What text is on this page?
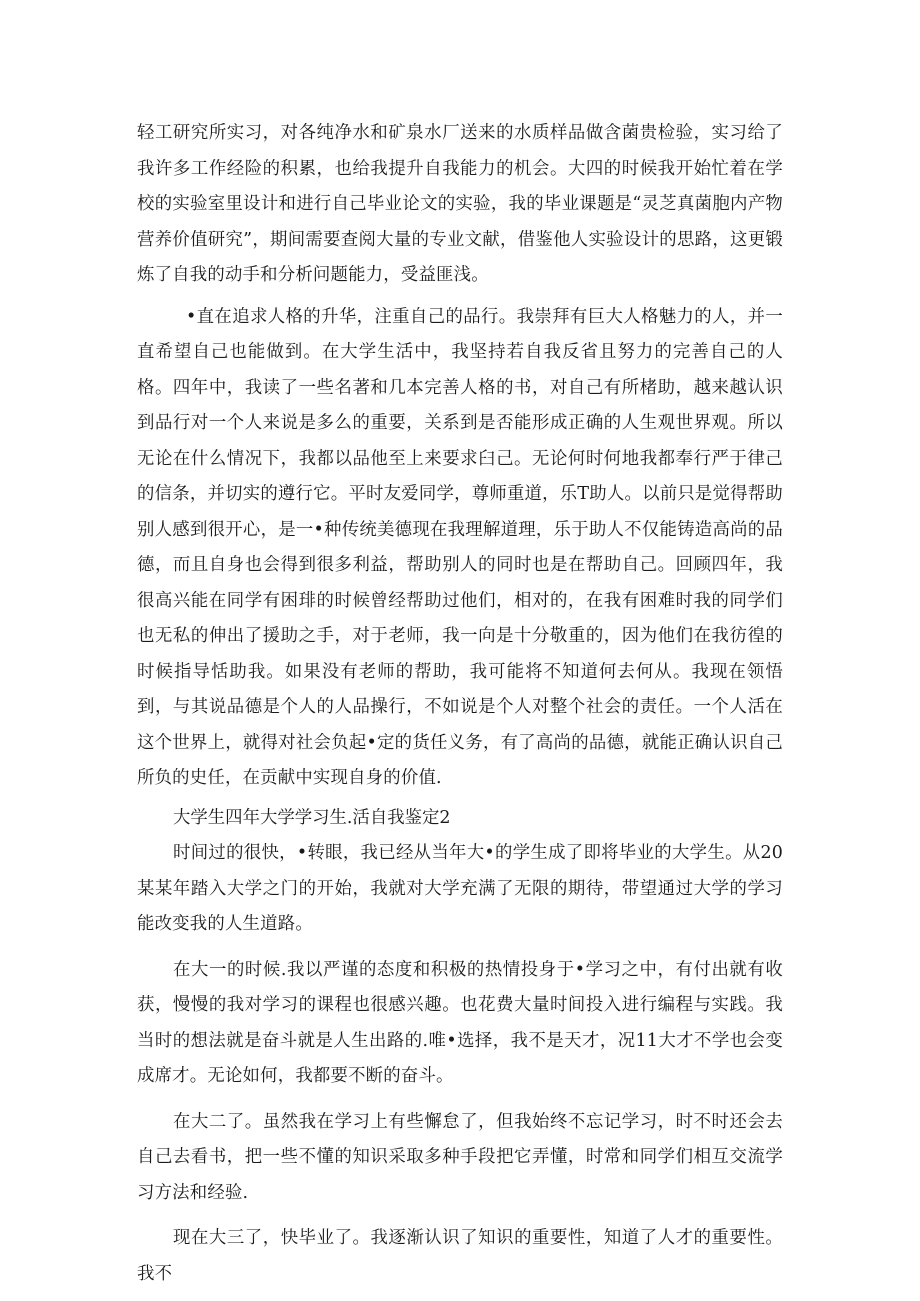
轻工研究所实习，对各纯净水和矿泉水厂送来的水质样品做含菌贵检验，实习给了我许多工作经险的积累，也给我提升自我能力的机会。大四的时候我开始忙着在学校的实验室里设计和进行自己毕业论文的实验，我的毕业课题是“灵芝真菌胞内产物营养价值研究”，期间需要查阅大量的专业文献，借鉴他人实验设计的思路，这更锻炼了自我的动手和分析问题能力，受益匪浅。

•直在追求人格的升华，注重自己的品行。我崇拜有巨大人格魅力的人，并一直希望自己也能做到。在大学生活中，我坚持若自我反省且努力的完善自己的人格。四年中，我读了一些名著和几本完善人格的书，对自己有所楮助，越来越认识到品行对一个人来说是多么的重要，关系到是否能形成正确的人生观世界观。所以无论在什么情况下，我都以品他至上来要求臼己。无论何时何地我都奉行严于律己的信条，并切实的遵行它。平时友爱同学，尊师重道，乐T助人。以前只是觉得帮助别人感到很开心，是一•种传统美德现在我理解道理，乐于助人不仅能铸造高尚的品德，而且自身也会得到很多利益，帮助别人的同时也是在帮助自己。回顾四年，我很高兴能在同学有困琲的时候曾经帮助过他们，相对的，在我有困难时我的同学们也无私的伸出了援助之手，对于老师，我一向是十分敬重的，因为他们在我彷徨的时候指导恬助我。如果没有老师的帮助，我可能将不知道何去何从。我现在领悟到，与其说品德是个人的人品操行，不如说是个人对整个社会的责任。一个人活在这个世界上，就得对社会负起•定的货任义务，有了高尚的品德，就能正确认识自己所负的史任，在贡献中实现自身的价值.

大学生四年大学学习生.活自我鉴定2

时间过的很快，•转眼，我已经从当年大•的学生成了即将毕业的大学生。从20某某年踏入大学之门的开始，我就对大学充满了无限的期待，带望通过大学的学习能改变我的人生道路。

在大一的时候.我以严谨的态度和积极的热情投身于•学习之中，有付出就有收获，慢慢的我对学习的课程也很感兴趣。也花费大量时间投入进行编程与实践。我当时的想法就是奋斗就是人生出路的.唯•选择，我不是天才，况11大才不学也会变成席才。无论如何，我都要不断的奋斗。

在大二了。虽然我在学习上有些懈怠了，但我始终不忘记学习，时不时还会去自己去看书，把一些不懂的知识采取多种手段把它弄懂，时常和同学们相互交流学习方法和经验.

现在大三了，快毕业了。我逐渐认识了知识的重要性，知道了人才的重要性。我不
